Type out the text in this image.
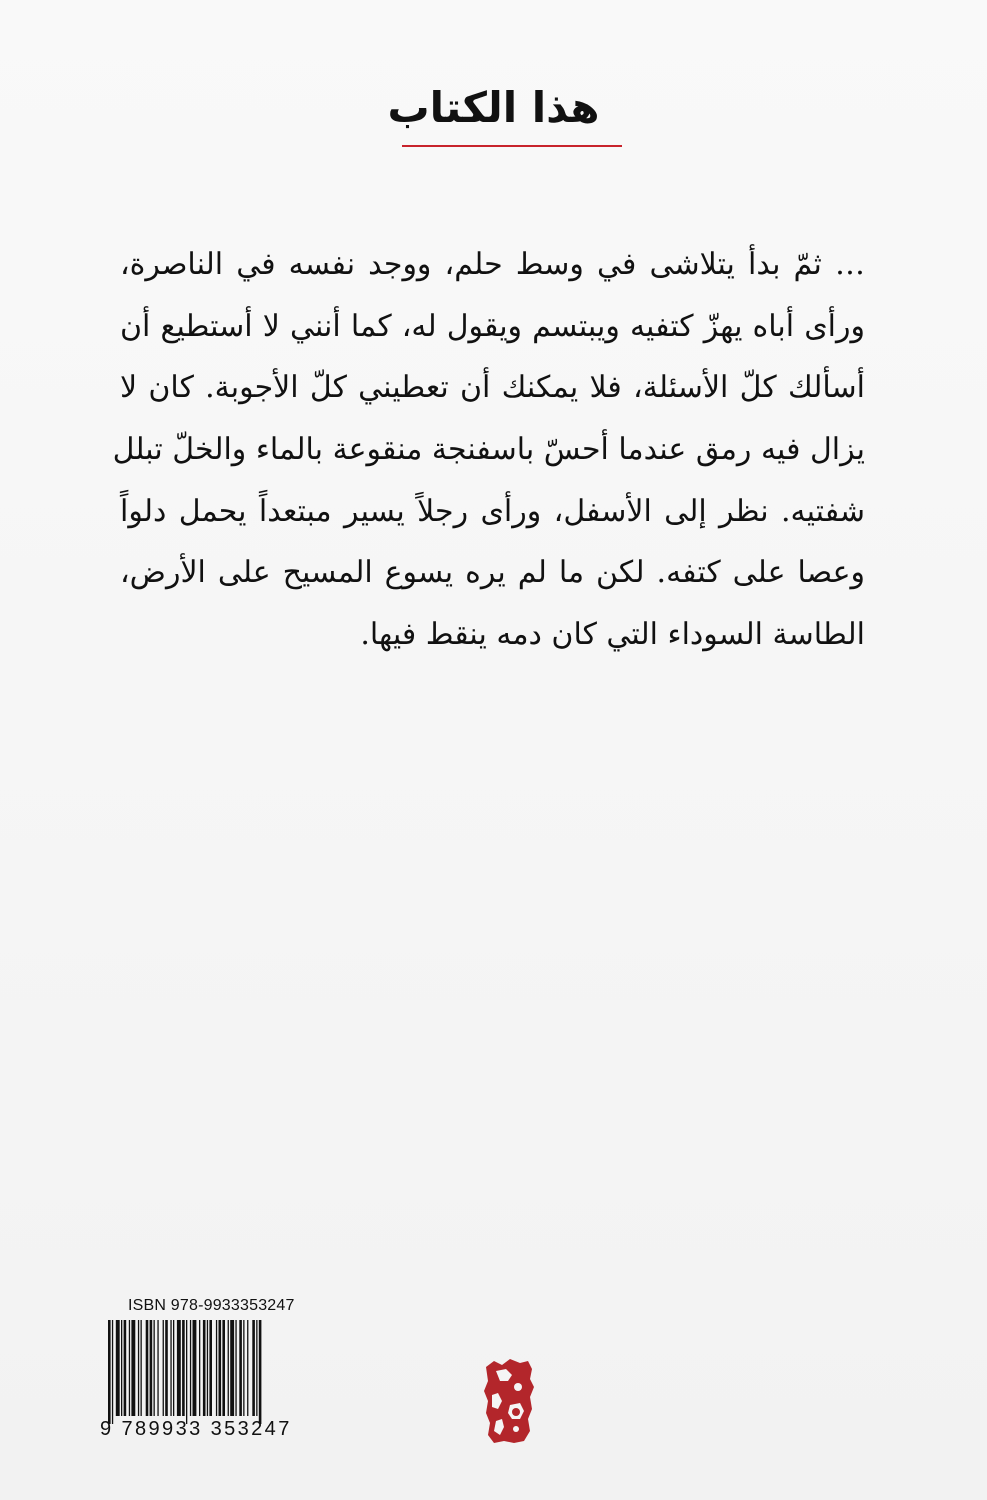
هذا الكتاب
… ثمّ بدأ يتلاشى في وسط حلم، ووجد نفسه في الناصرة،
ورأى أباه يهزّ كتفيه ويبتسم ويقول له، كما أنني لا أستطيع أن
أسألك كلّ الأسئلة، فلا يمكنك أن تعطيني كلّ الأجوبة. كان لا
يزال فيه رمق عندما أحسّ باسفنجة منقوعة بالماء والخلّ تبلل
شفتيه. نظر إلى الأسفل، ورأى رجلاً يسير مبتعداً يحمل دلواً
وعصا على كتفه. لكن ما لم يره يسوع المسيح على الأرض،
الطاسة السوداء التي كان دمه ينقط فيها.
ISBN 978-9933353247
9 789933 353247
